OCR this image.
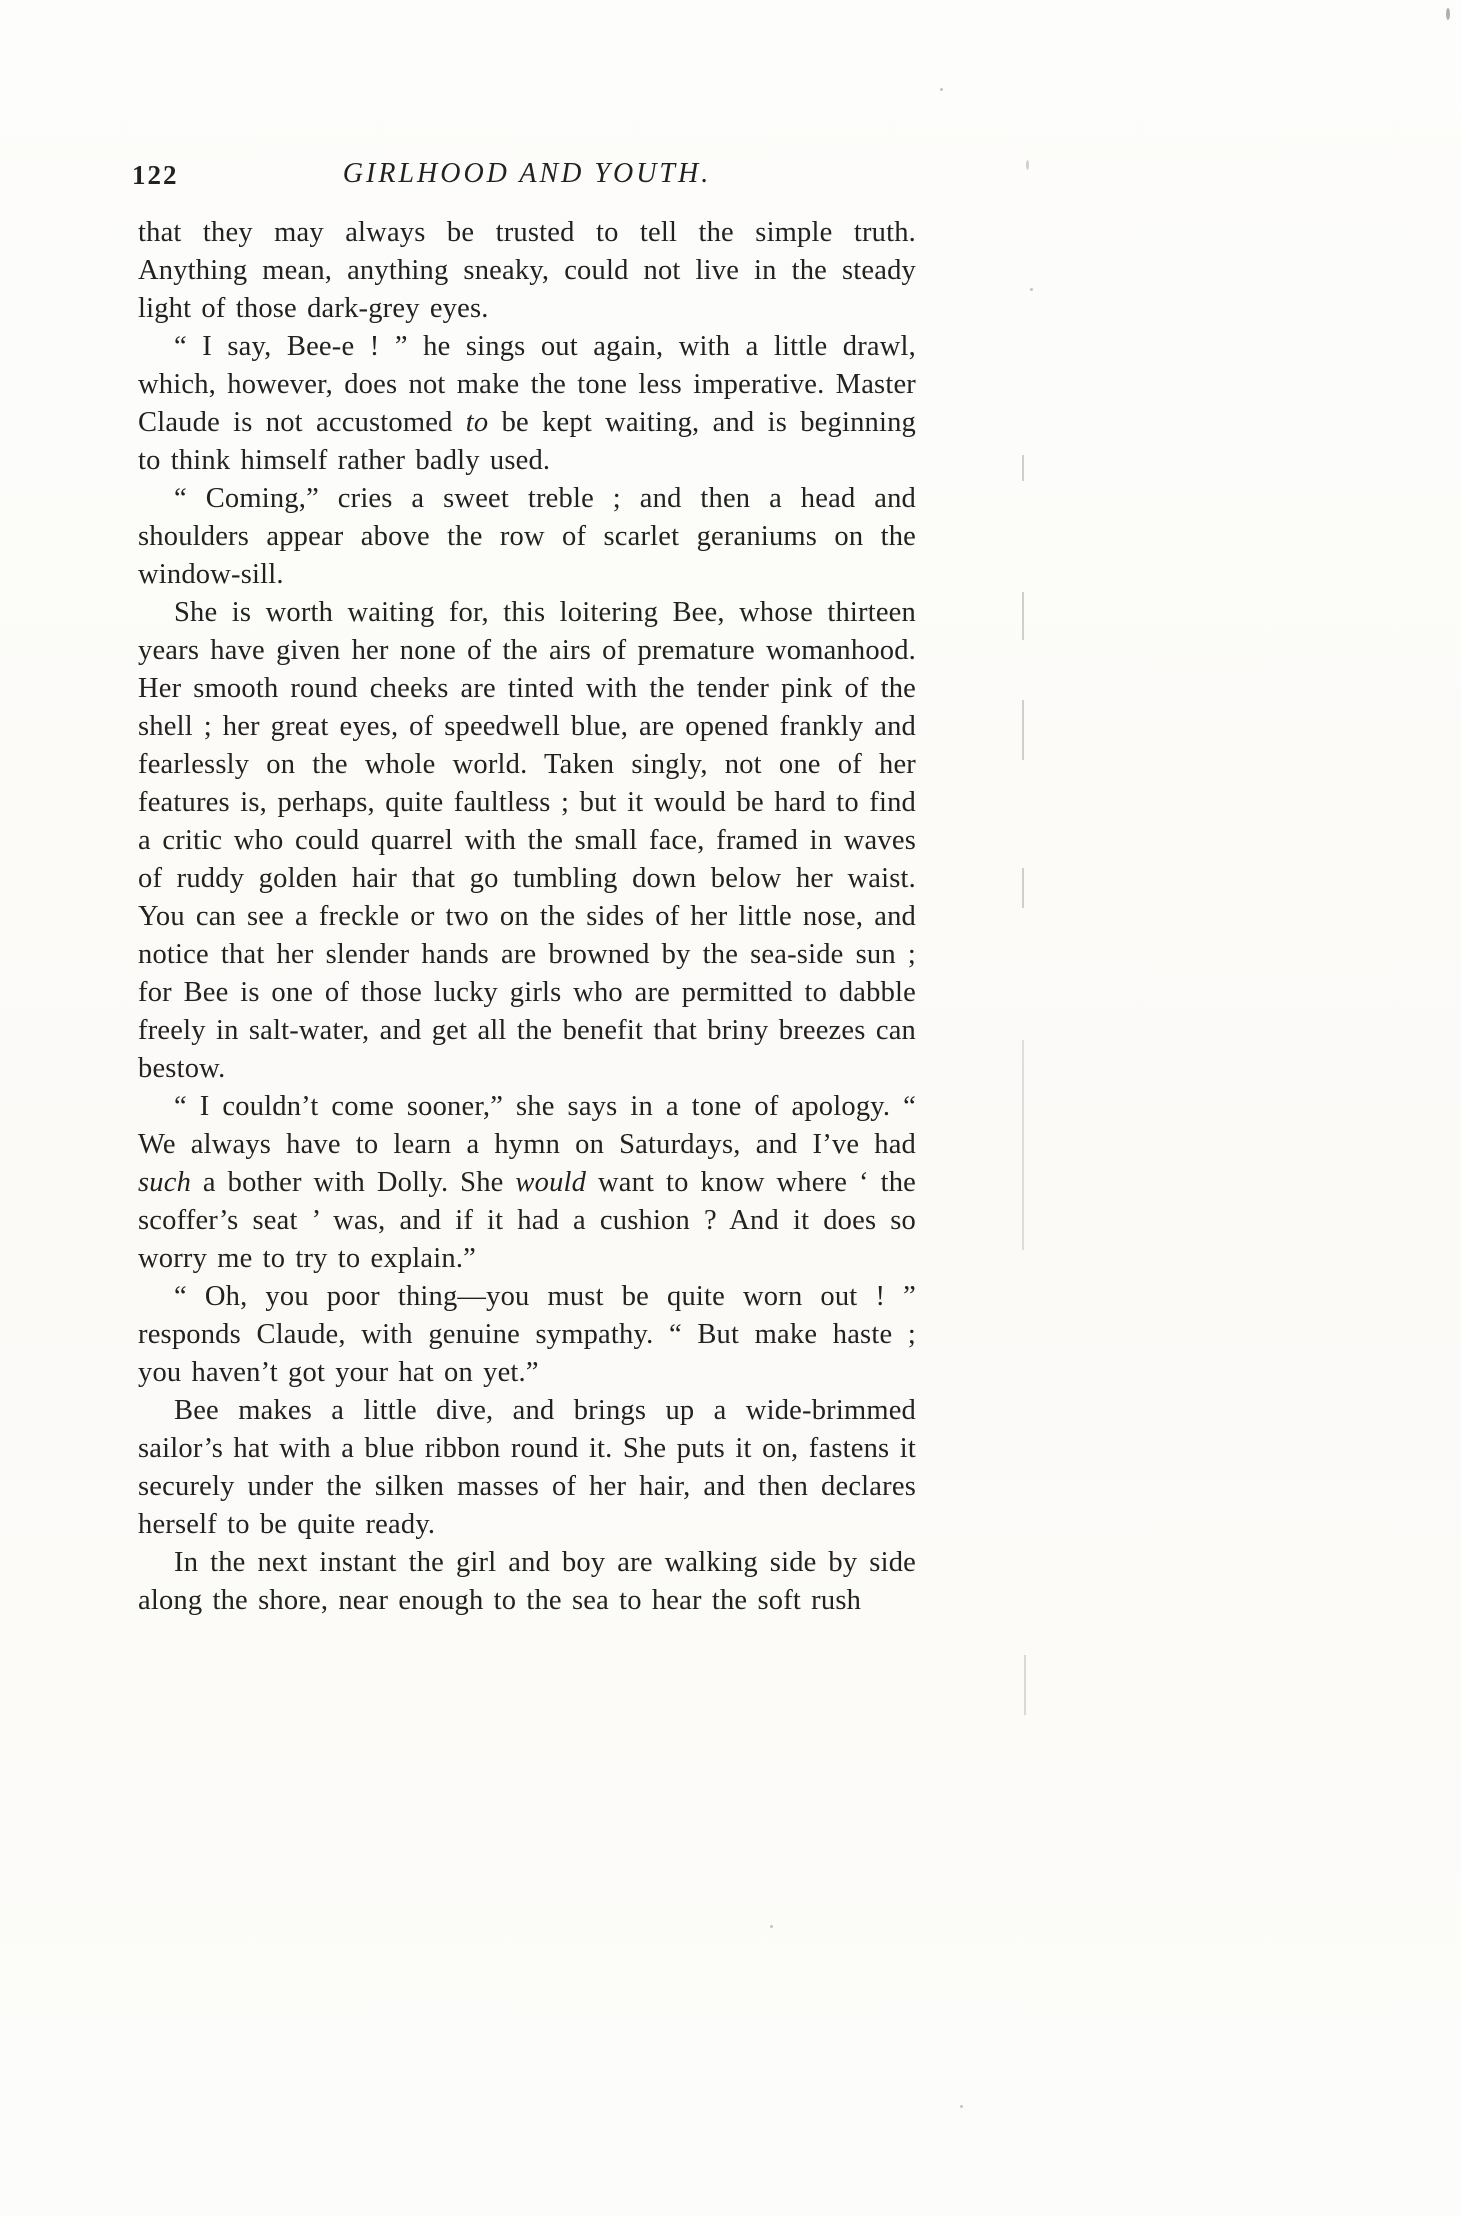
122	GIRLHOOD AND YOUTH.

that they may always be trusted to tell the simple truth. Anything mean, anything sneaky, could not live in the steady light of those dark-grey eyes.

“ I say, Bee-e ! ” he sings out again, with a little drawl, which, however, does not make the tone less imperative. Master Claude is not accustomed to be kept waiting, and is beginning to think himself rather badly used.

“ Coming,” cries a sweet treble ; and then a head and shoulders appear above the row of scarlet geraniums on the window-sill.

She is worth waiting for, this loitering Bee, whose thirteen years have given her none of the airs of premature womanhood. Her smooth round cheeks are tinted with the tender pink of the shell ; her great eyes, of speedwell blue, are opened frankly and fearlessly on the whole world. Taken singly, not one of her features is, perhaps, quite faultless ; but it would be hard to find a critic who could quarrel with the small face, framed in waves of ruddy golden hair that go tumbling down below her waist. You can see a freckle or two on the sides of her little nose, and notice that her slender hands are browned by the sea-side sun ; for Bee is one of those lucky girls who are permitted to dabble freely in salt-water, and get all the benefit that briny breezes can bestow.

“ I couldn’t come sooner,” she says in a tone of apology. “ We always have to learn a hymn on Saturdays, and I’ve had such a bother with Dolly. She would want to know where ‘ the scoffer’s seat ’ was, and if it had a cushion ? And it does so worry me to try to explain.”

“ Oh, you poor thing—you must be quite worn out ! ” responds Claude, with genuine sympathy. “ But make haste ; you haven’t got your hat on yet.”

Bee makes a little dive, and brings up a wide-brimmed sailor’s hat with a blue ribbon round it. She puts it on, fastens it securely under the silken masses of her hair, and then declares herself to be quite ready.

In the next instant the girl and boy are walking side by side along the shore, near enough to the sea to hear the soft rush
